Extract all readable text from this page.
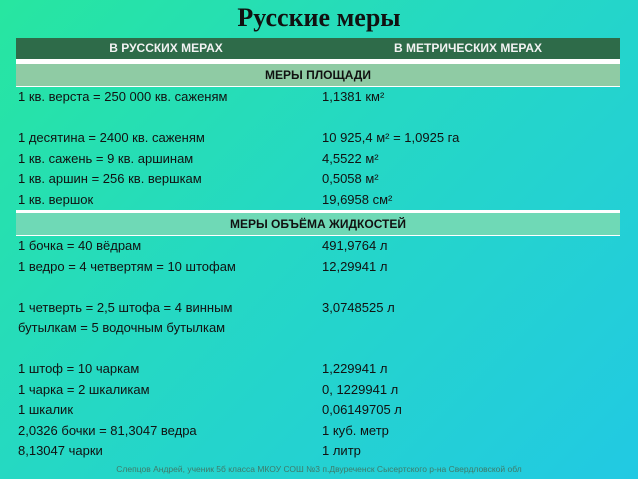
Русские меры
В РУССКИХ МЕРАХ	В МЕТРИЧЕСКИХ МЕРАХ
МЕРЫ ПЛОЩАДИ
1 кв. верста = 250 000 кв. саженям	1,1381 км²
1 десятина = 2400 кв. саженям	10 925,4 м² = 1,0925 га
1 кв. сажень = 9 кв. аршинам	4,5522 м²
1 кв. аршин = 256 кв. вершкам	0,5058 м²
1 кв. вершок	19,6958 см²
МЕРЫ ОБЪЁМА ЖИДКОСТЕЙ
1 бочка = 40 вёдрам	491,9764 л
1 ведро = 4 четвертям = 10 штофам	12,29941 л
1 четверть = 2,5 штофа = 4 винным	3,0748525 л
бутылкам = 5 водочным бутылкам
1 штоф = 10 чаркам	1,229941 л
1 чарка = 2 шкаликам	0, 1229941 л
1 шкалик	0,06149705 л
2,0326 бочки = 81,3047 ведра	1 куб. метр
8,13047 чарки	1 литр
Слепцов Андрей, ученик 5б класса МКОУ СОШ №3 п.Двуреченск Сысертского р-на Свердловской обл
